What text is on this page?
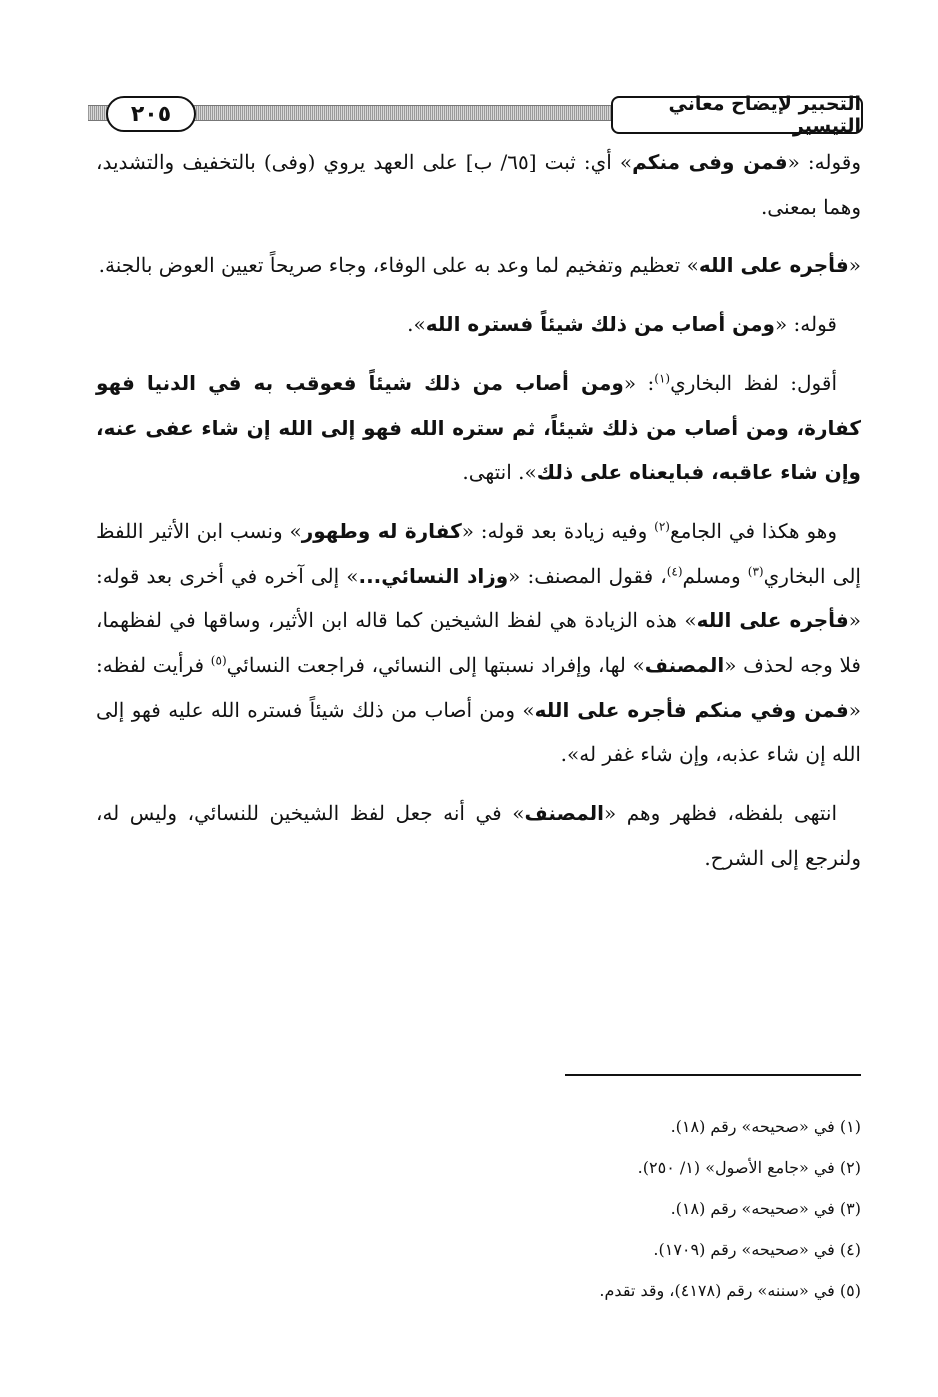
٢٠٥	التحبير لإيضاح معاني التيسير

وقوله: «فمن وفى منكم» أي: ثبت [٦٥/ ب] على العهد يروي (وفى) بالتخفيف والتشديد، وهما بمعنى.

«فأجره على الله» تعظيم وتفخيم لما وعد به على الوفاء، وجاء صريحاً تعيين العوض بالجنة.

قوله: «ومن أصاب من ذلك شيئاً فستره الله».

أقول: لفظ البخاري$^{(١)}$: «ومن أصاب من ذلك شيئاً فعوقب به في الدنيا فهو كفارة، ومن أصاب من ذلك شيئاً، ثم ستره الله فهو إلى الله إن شاء عفى عنه، وإن شاء عاقبه، فبايعناه على ذلك». انتهى.

وهو هكذا في الجامع$^{(٢)}$ وفيه زيادة بعد قوله: «كفارة له وطهور» ونسب ابن الأثير اللفظ إلى البخاري$^{(٣)}$ ومسلم$^{(٤)}$، فقول المصنف: «وزاد النسائي...» إلى آخره في أخرى بعد قوله: «فأجره على الله» هذه الزيادة هي لفظ الشيخين كما قاله ابن الأثير، وساقها في لفظهما، فلا وجه لحذف «المصنف» لها، وإفراد نسبتها إلى النسائي، فراجعت النسائي$^{(٥)}$ فرأيت لفظه: «فمن وفي منكم فأجره على الله» ومن أصاب من ذلك شيئاً فستره الله عليه فهو إلى الله إن شاء عذبه، وإن شاء غفر له».

انتهى بلفظه، فظهر وهم «المصنف» في أنه جعل لفظ الشيخين للنسائي، وليس له، ولنرجع إلى الشرح.

(١) في «صحيحه» رقم (١٨).
(٢) في «جامع الأصول» (١/ ٢٥٠).
(٣) في «صحيحه» رقم (١٨).
(٤) في «صحيحه» رقم (١٧٠٩).
(٥) في «سننه» رقم (٤١٧٨)، وقد تقدم.
